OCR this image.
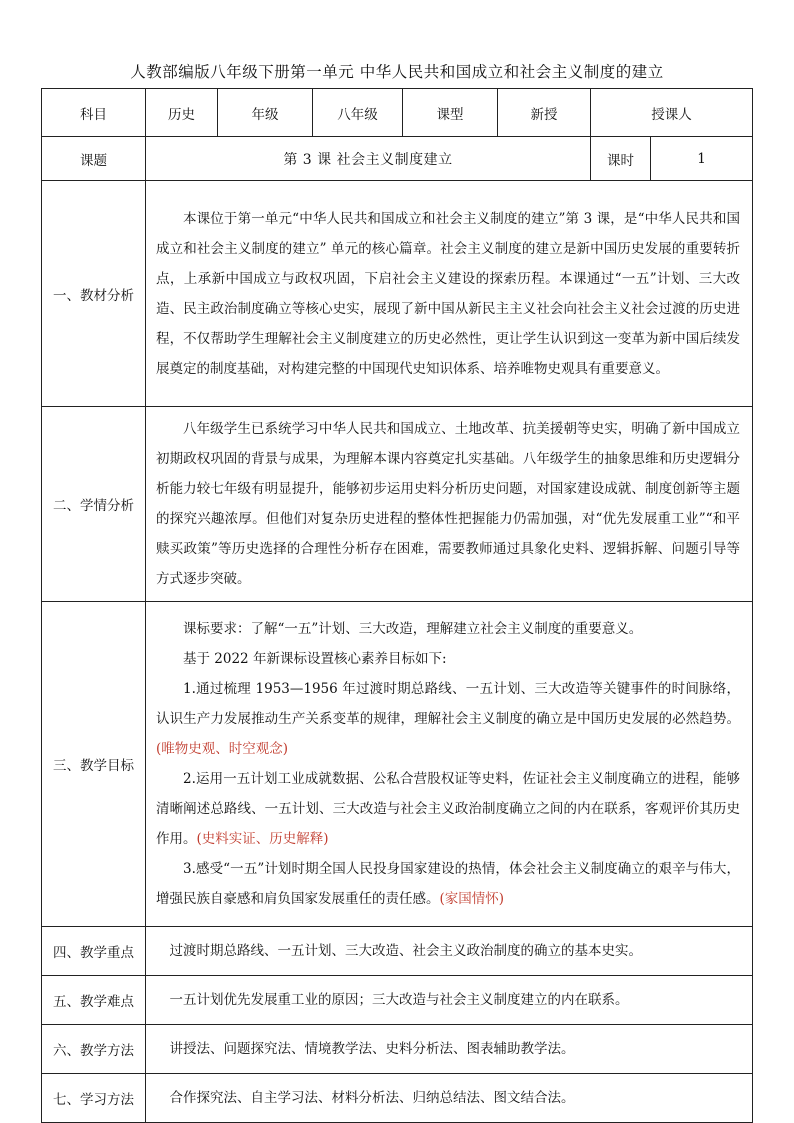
人教部编版八年级下册第一单元 中华人民共和国成立和社会主义制度的建立
科目	历史	年级	八年级	课型	新授	授课人	
课题	第 3 课 社会主义制度建立					课时	1
一、教材分析	本课位于第一单元“中华人民共和国成立和社会主义制度的建立”第 3 课，是“中华人民共和国成立和社会主义制度的建立” 单元的核心篇章。社会主义制度的建立是新中国历史发展的重要转折点，上承新中国成立与政权巩固，下启社会主义建设的探索历程。本课通过“一五”计划、三大改造、民主政治制度确立等核心史实，展现了新中国从新民主主义社会向社会主义社会过渡的历史进程，不仅帮助学生理解社会主义制度建立的历史必然性，更让学生认识到这一变革为新中国后续发展奠定的制度基础，对构建完整的中国现代史知识体系、培养唯物史观具有重要意义。						

二、学情分析	八年级学生已系统学习中华人民共和国成立、土地改革、抗美援朝等史实，明确了新中国成立初期政权巩固的背景与成果，为理解本课内容奠定扎实基础。八年级学生的抽象思维和历史逻辑分析能力较七年级有明显提升，能够初步运用史料分析历史问题，对国家建设成就、制度创新等主题的探究兴趣浓厚。但他们对复杂历史进程的整体性把握能力仍需加强，对“优先发展重工业”“和平赎买政策”等历史选择的合理性分析存在困难，需要教师通过具象化史料、逻辑拆解、问题引导等方式逐步突破。						

三、教学目标	课标要求：了解“一五”计划、三大改造，理解建立社会主义制度的重要意义。

基于 2022 年新课标设置核心素养目标如下:

1.通过梳理 1953—1956 年过渡时期总路线、一五计划、三大改造等关键事件的时间脉络，认识生产力发展推动生产关系变革的规律，理解社会主义制度的确立是中国历史发展的必然趋势。(唯物史观、时空观念)

2.运用一五计划工业成就数据、公私合营股权证等史料，佐证社会主义制度确立的进程，能够清晰阐述总路线、一五计划、三大改造与社会主义政治制度确立之间的内在联系，客观评价其历史作用。(史料实证、历史解释)

3.感受“一五”计划时期全国人民投身国家建设的热情，体会社会主义制度确立的艰辛与伟大，增强民族自豪感和肩负国家发展重任的责任感。(家国情怀)						

四、教学重点	过渡时期总路线、一五计划、三大改造、社会主义政治制度的确立的基本史实。						

五、教学难点	一五计划优先发展重工业的原因；三大改造与社会主义制度建立的内在联系。						

六、教学方法	讲授法、问题探究法、情境教学法、史料分析法、图表辅助教学法。						

七、学习方法	合作探究法、自主学习法、材料分析法、归纳总结法、图文结合法。						
